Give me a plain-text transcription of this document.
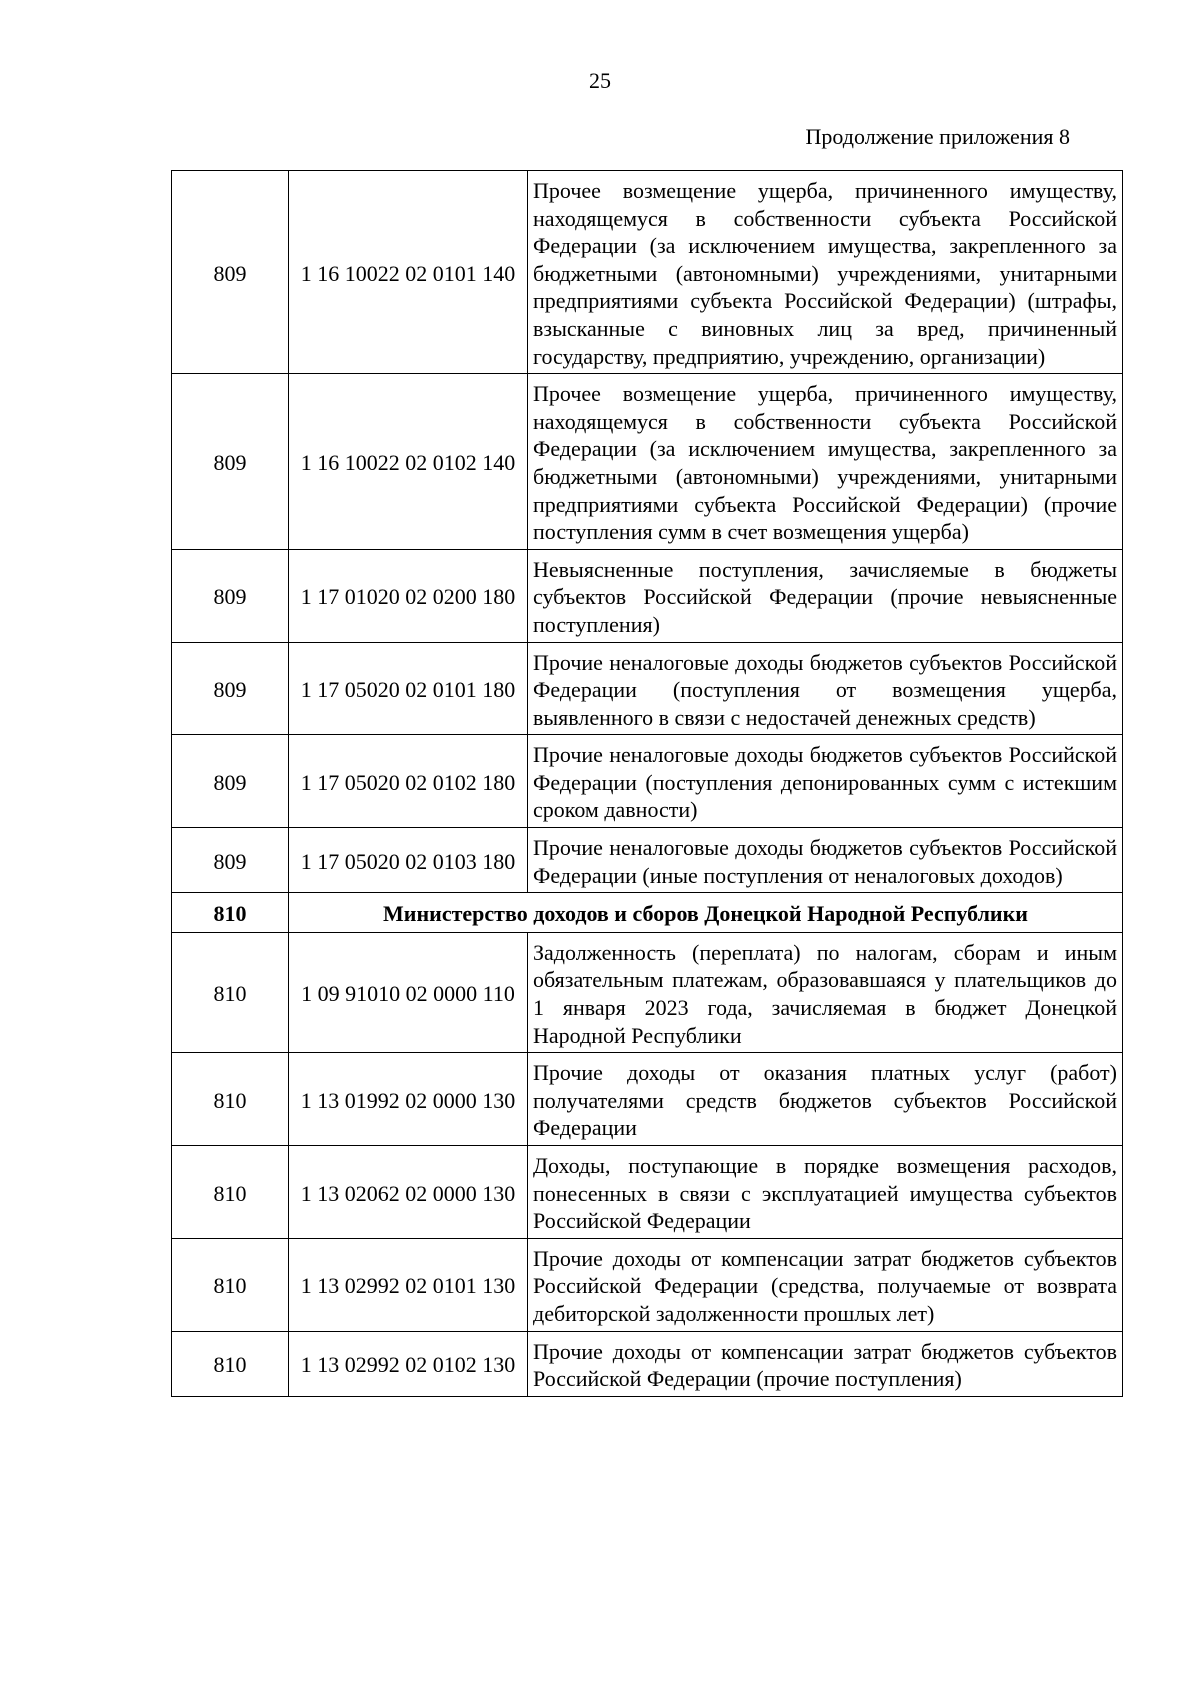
25
Продолжение приложения 8
809	1 16 10022 02 0101 140	Прочее возмещение ущерба, причиненного имуществу, находящемуся в собственности субъекта Российской Федерации (за исключением имущества, закрепленного за бюджетными (автономными) учреждениями, унитарными предприятиями субъекта Российской Федерации) (штрафы, взысканные с виновных лиц за вред, причиненный государству, предприятию, учреждению, организации)
809	1 16 10022 02 0102 140	Прочее возмещение ущерба, причиненного имуществу, находящемуся в собственности субъекта Российской Федерации (за исключением имущества, закрепленного за бюджетными (автономными) учреждениями, унитарными предприятиями субъекта Российской Федерации) (прочие поступления сумм в счет возмещения ущерба)
809	1 17 01020 02 0200 180	Невыясненные поступления, зачисляемые в бюджеты субъектов Российской Федерации (прочие невыясненные поступления)
809	1 17 05020 02 0101 180	Прочие неналоговые доходы бюджетов субъектов Российской Федерации (поступления от возмещения ущерба, выявленного в связи с недостачей денежных средств)
809	1 17 05020 02 0102 180	Прочие неналоговые доходы бюджетов субъектов Российской Федерации (поступления депонированных сумм с истекшим сроком давности)
809	1 17 05020 02 0103 180	Прочие неналоговые доходы бюджетов субъектов Российской Федерации (иные поступления от неналоговых доходов)
810	Министерство доходов и сборов Донецкой Народной Республики	
810	1 09 91010 02 0000 110	Задолженность (переплата) по налогам, сборам и иным обязательным платежам, образовавшаяся у плательщиков до 1 января 2023 года, зачисляемая в бюджет Донецкой Народной Республики
810	1 13 01992 02 0000 130	Прочие доходы от оказания платных услуг (работ) получателями средств бюджетов субъектов Российской Федерации
810	1 13 02062 02 0000 130	Доходы, поступающие в порядке возмещения расходов, понесенных в связи с эксплуатацией имущества субъектов Российской Федерации
810	1 13 02992 02 0101 130	Прочие доходы от компенсации затрат бюджетов субъектов Российской Федерации (средства, получаемые от возврата дебиторской задолженности прошлых лет)
810	1 13 02992 02 0102 130	Прочие доходы от компенсации затрат бюджетов субъектов Российской Федерации (прочие поступления)
